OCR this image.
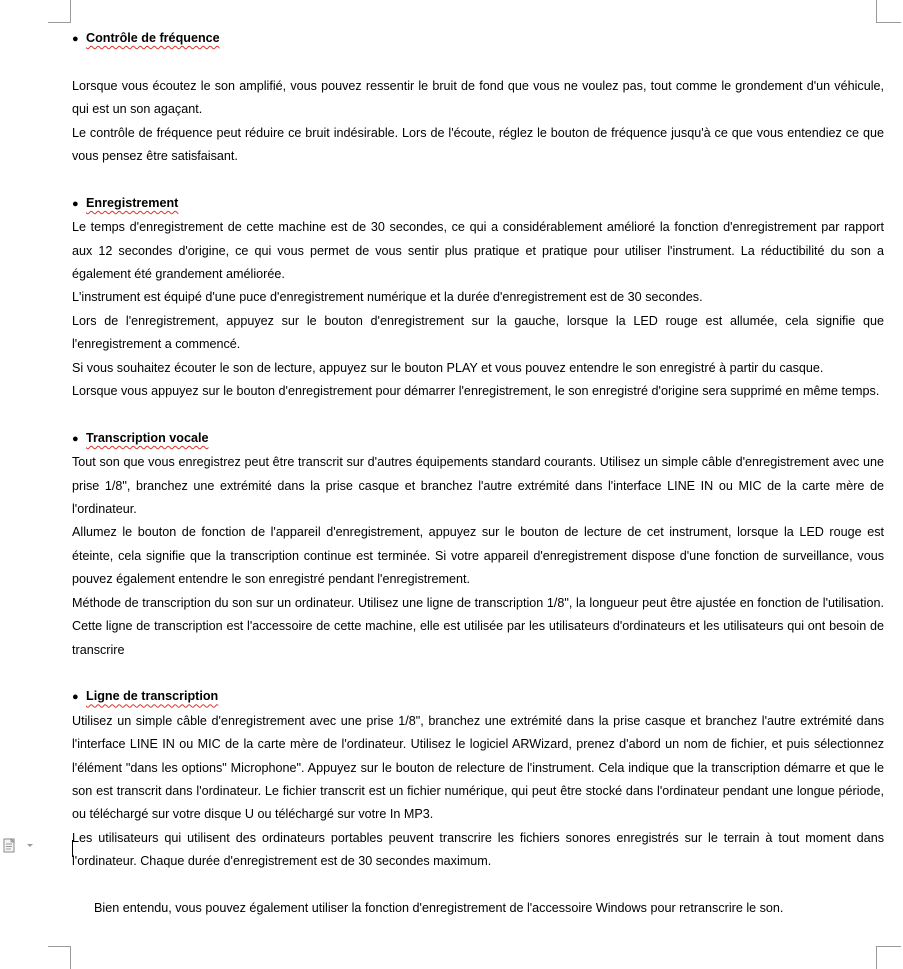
● Contrôle de fréquence

Lorsque vous écoutez le son amplifié, vous pouvez ressentir le bruit de fond que vous ne voulez pas, tout comme le grondement d'un véhicule, qui est un son agaçant.

Le contrôle de fréquence peut réduire ce bruit indésirable. Lors de l'écoute, réglez le bouton de fréquence jusqu'à ce que vous entendiez ce que vous pensez être satisfaisant.

● Enregistrement

Le temps d'enregistrement de cette machine est de 30 secondes, ce qui a considérablement amélioré la fonction d'enregistrement par rapport aux 12 secondes d'origine, ce qui vous permet de vous sentir plus pratique et pratique pour utiliser l'instrument. La réductibilité du son a également été grandement améliorée.

L'instrument est équipé d'une puce d'enregistrement numérique et la durée d'enregistrement est de 30 secondes.

Lors de l'enregistrement, appuyez sur le bouton d'enregistrement sur la gauche, lorsque la LED rouge est allumée, cela signifie que l'enregistrement a commencé.

Si vous souhaitez écouter le son de lecture, appuyez sur le bouton PLAY et vous pouvez entendre le son enregistré à partir du casque.

Lorsque vous appuyez sur le bouton d'enregistrement pour démarrer l'enregistrement, le son enregistré d'origine sera supprimé en même temps.

● Transcription vocale

Tout son que vous enregistrez peut être transcrit sur d'autres équipements standard courants. Utilisez un simple câble d'enregistrement avec une prise 1/8", branchez une extrémité dans la prise casque et branchez l'autre extrémité dans l'interface LINE IN ou MIC de la carte mère de l'ordinateur.

Allumez le bouton de fonction de l'appareil d'enregistrement, appuyez sur le bouton de lecture de cet instrument, lorsque la LED rouge est éteinte, cela signifie que la transcription continue est terminée. Si votre appareil d'enregistrement dispose d'une fonction de surveillance, vous pouvez également entendre le son enregistré pendant l'enregistrement.

Méthode de transcription du son sur un ordinateur. Utilisez une ligne de transcription 1/8", la longueur peut être ajustée en fonction de l'utilisation. Cette ligne de transcription est l'accessoire de cette machine, elle est utilisée par les utilisateurs d'ordinateurs et les utilisateurs qui ont besoin de transcrire

● Ligne de transcription

Utilisez un simple câble d'enregistrement avec une prise 1/8", branchez une extrémité dans la prise casque et branchez l'autre extrémité dans l'interface LINE IN ou MIC de la carte mère de l'ordinateur. Utilisez le logiciel ARWizard, prenez d'abord un nom de fichier, et puis sélectionnez l'élément "dans les options" Microphone". Appuyez sur le bouton de relecture de l'instrument. Cela indique que la transcription démarre et que le son est transcrit dans l'ordinateur. Le fichier transcrit est un fichier numérique, qui peut être stocké dans l'ordinateur pendant une longue période, ou téléchargé sur votre disque U ou téléchargé sur votre In MP3.

Les utilisateurs qui utilisent des ordinateurs portables peuvent transcrire les fichiers sonores enregistrés sur le terrain à tout moment dans l'ordinateur. Chaque durée d'enregistrement est de 30 secondes maximum.

Bien entendu, vous pouvez également utiliser la fonction d'enregistrement de l'accessoire Windows pour retranscrire le son.
